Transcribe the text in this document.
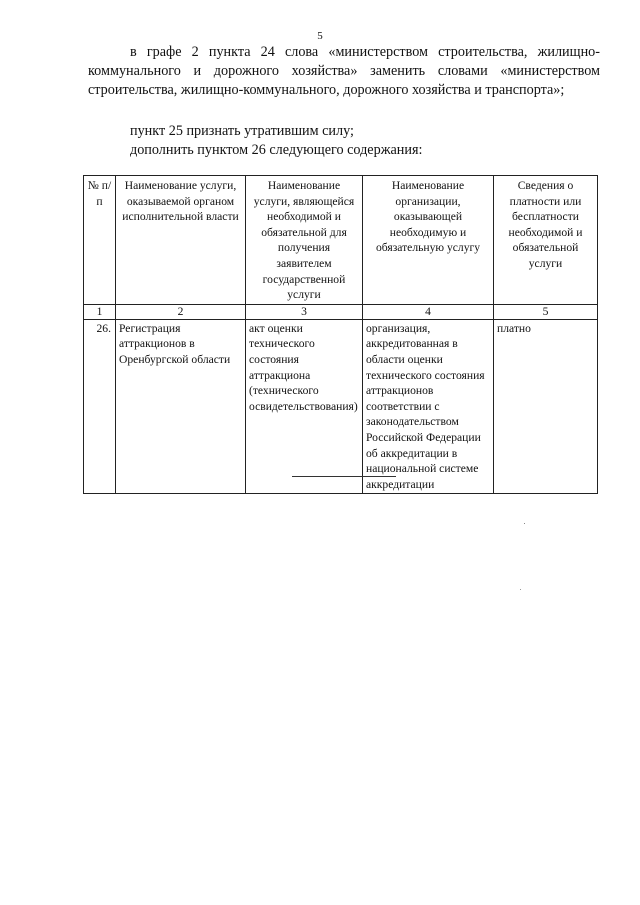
5
в графе 2 пункта 24 слова «министерством строительства, жилищно-коммунального и дорожного хозяйства» заменить словами «министерством строительства, жилищно-коммунального, дорожного хозяйства и транспорта»;
пункт 25 признать утратившим силу;
дополнить пунктом 26 следующего содержания:
№ п/п	Наименование услуги, оказываемой органом исполнительной власти	Наименование услуги, являющейся необходимой и обязательной для получения заявителем государственной услуги	Наименование организации, оказывающей необходимую и обязательную услугу	Сведения о платности или бесплатности необходимой и обязательной услуги
1	2	3	4	5
26.	Регистрация аттракционов в Оренбургской области	акт оценки технического состояния аттракциона (технического освидетельствования)	организация, аккредитованная в области оценки технического состояния аттракционов соответствии с законодательством Российской Федерации об аккредитации в национальной системе аккредитации	платно
